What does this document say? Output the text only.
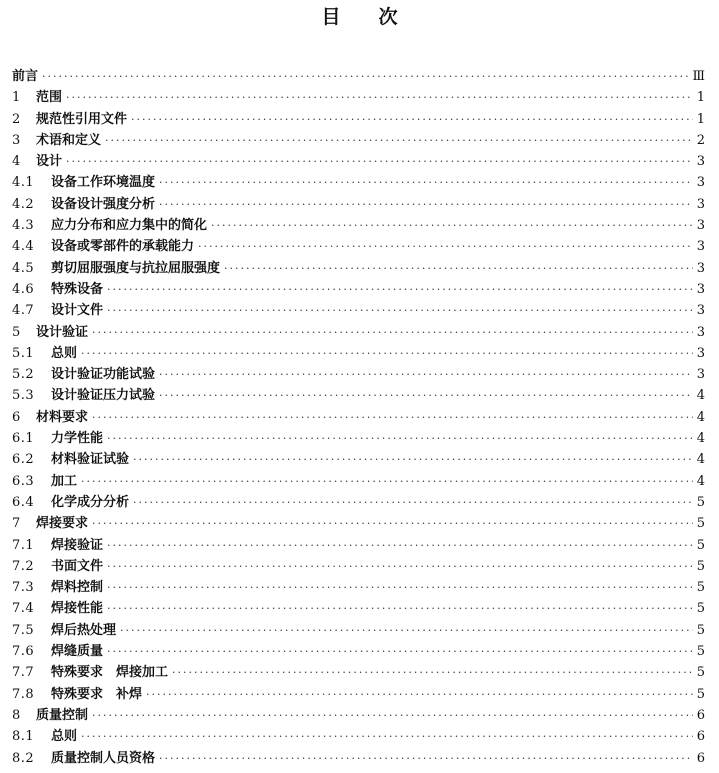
目次
前言 ·····	Ⅲ
1	范围 ·····	1
2	规范性引用文件 ·····	1
3	术语和定义 ·····	2
4	设计 ·····	3
4.1	设备工作环境温度 ·····	3
4.2	设备设计强度分析 ·····	3
4.3	应力分布和应力集中的简化 ·····	3
4.4	设备或零部件的承载能力 ·····	3
4.5	剪切屈服强度与抗拉屈服强度 ·····	3
4.6	特殊设备 ·····	3
4.7	设计文件 ·····	3
5	设计验证 ·····	3
5.1	总则 ·····	3
5.2	设计验证功能试验 ·····	3
5.3	设计验证压力试验 ·····	4
6	材料要求 ·····	4
6.1	力学性能 ·····	4
6.2	材料验证试验 ·····	4
6.3	加工 ·····	4
6.4	化学成分分析 ·····	5
7	焊接要求 ·····	5
7.1	焊接验证 ·····	5
7.2	书面文件 ·····	5
7.3	焊料控制 ·····	5
7.4	焊接性能 ·····	5
7.5	焊后热处理 ·····	5
7.6	焊缝质量 ·····	5
7.7	特殊要求　焊接加工 ·····	5
7.8	特殊要求　补焊 ·····	5
8	质量控制 ·····	6
8.1	总则 ·····	6
8.2	质量控制人员资格 ·····	6
